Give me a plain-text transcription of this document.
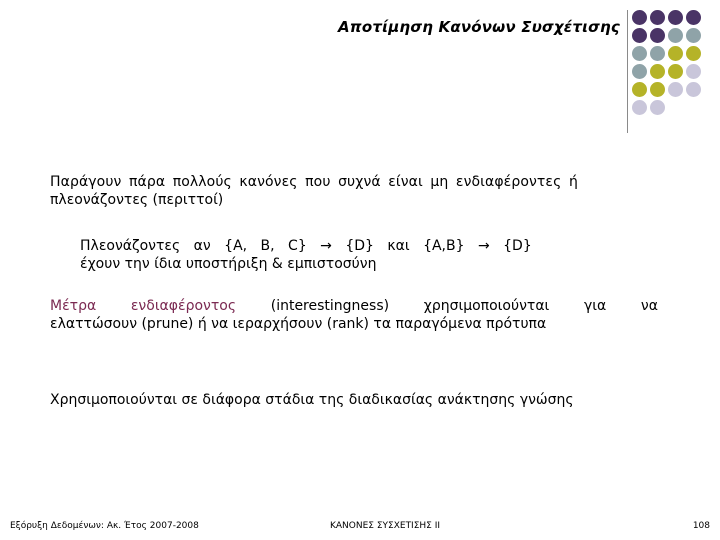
Αποτίμηση Κανόνων Συσχέτισης
Παράγουν πάρα πολλούς κανόνες που συχνά είναι μη ενδιαφέροντες ή
πλεονάζοντες (περιττοί)
Πλεονάζοντες αν {A, B, C} → {D} και {A,B} → {D}
έχουν την ίδια υποστήριξη & εμπιστοσύνη
Μέτρα ενδιαφέροντος (interestingness) χρησιμοποιούνται για να
ελαττώσουν (prune) ή να ιεραρχήσουν (rank) τα παραγόμενα πρότυπα
Χρησιμοποιούνται σε διάφορα στάδια της διαδικασίας ανάκτησης γνώσης
Εξόρυξη Δεδομένων: Ακ. Έτος 2007-2008	ΚΑΝΟΝΕΣ ΣΥΣΧΕΤΙΣΗΣ ΙΙ	108
